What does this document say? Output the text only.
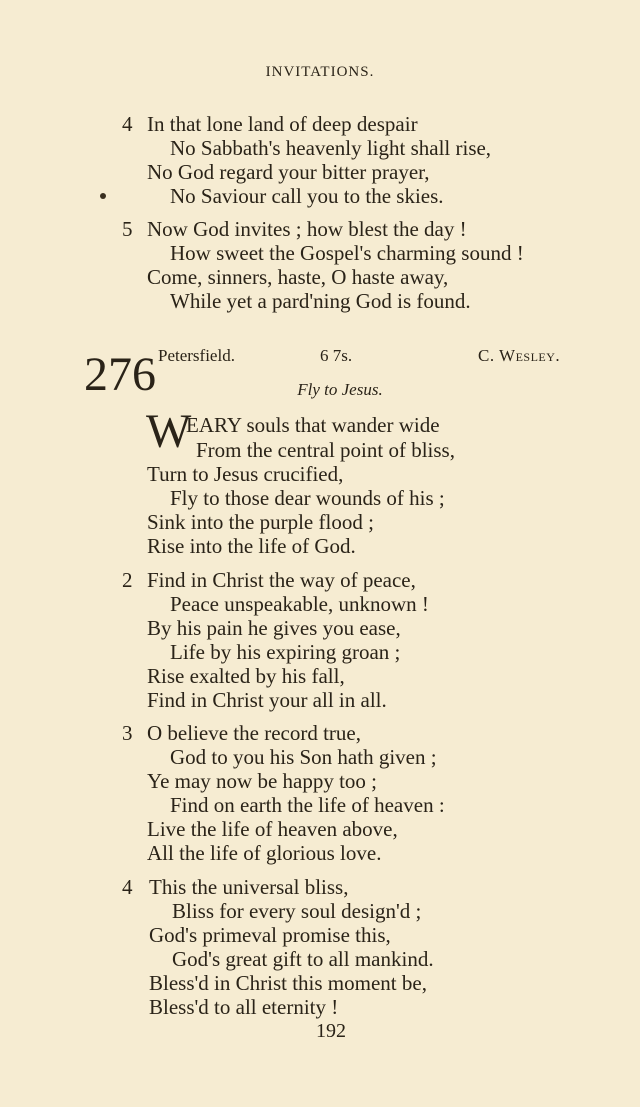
INVITATIONS.
4 In that lone land of deep despair
No Sabbath's heavenly light shall rise,
No God regard your bitter prayer,
No Saviour call you to the skies.
5 Now God invites ; how blest the day !
How sweet the Gospel's charming sound !
Come, sinners, haste, O haste away,
While yet a pard'ning God is found.
276 Petersfield.	6 7s.	C. Wesley.
Fly to Jesus.
W
EARY souls that wander wide
From the central point of bliss,
Turn to Jesus crucified,
Fly to those dear wounds of his ;
Sink into the purple flood ;
Rise into the life of God.
2 Find in Christ the way of peace,
Peace unspeakable, unknown !
By his pain he gives you ease,
Life by his expiring groan ;
Rise exalted by his fall,
Find in Christ your all in all.
3 O believe the record true,
God to you his Son hath given ;
Ye may now be happy too ;
Find on earth the life of heaven :
Live the life of heaven above,
All the life of glorious love.
4 This the universal bliss,
Bliss for every soul design'd ;
God's primeval promise this,
God's great gift to all mankind.
Bless'd in Christ this moment be,
Bless'd to all eternity !
192
